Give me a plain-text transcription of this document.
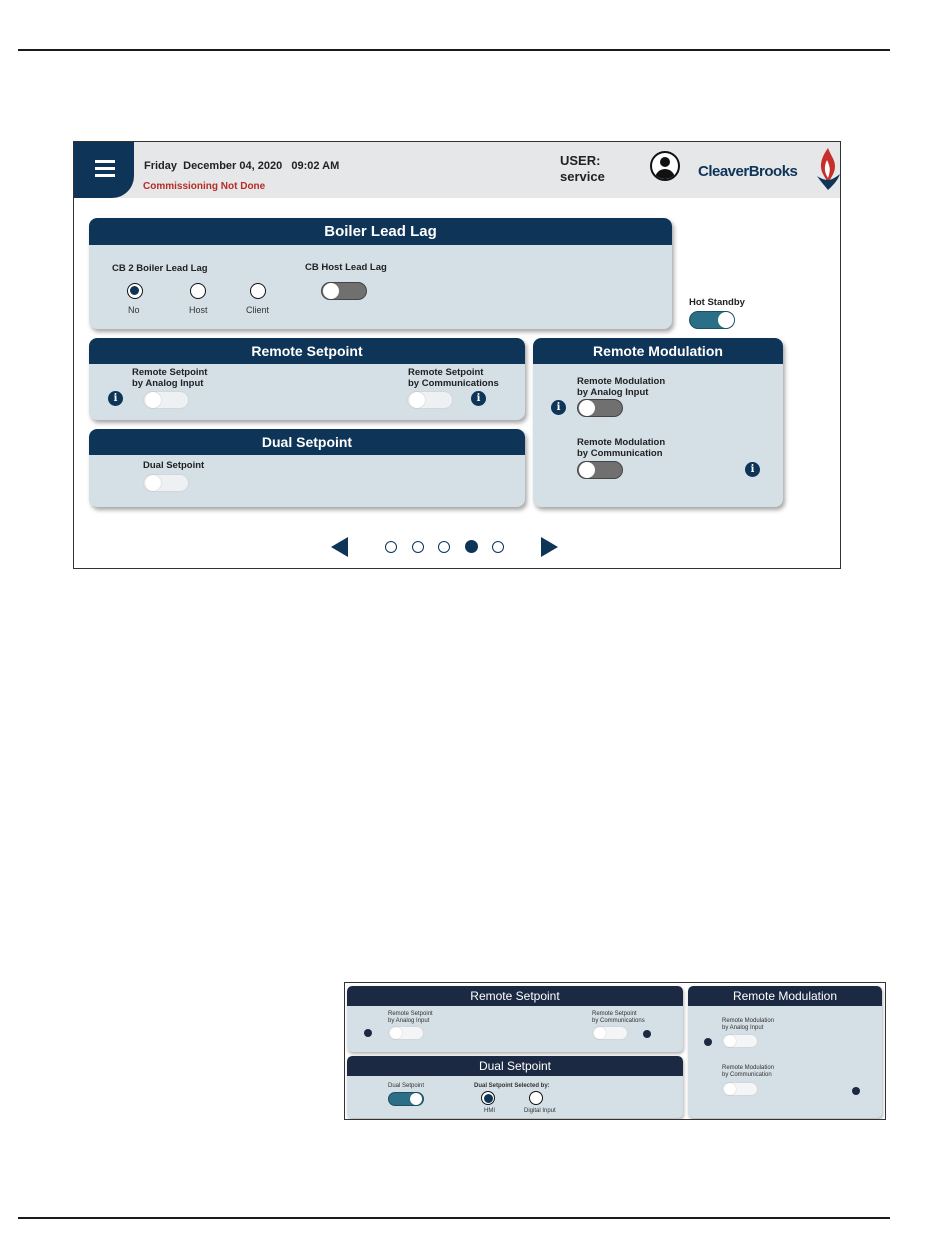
Friday  December 04, 2020   09:02 AM
Commissioning Not Done
USER:
service	CleaverBrooks
Boiler Lead Lag
CB 2 Boiler Lead Lag
No	Host	Client
CB Host Lead Lag
Hot Standby
Remote Setpoint
Remote Setpoint
by Analog Input
i
Remote Setpoint
by Communications
i
Dual Setpoint
Dual Setpoint
Remote Modulation
Remote Modulation
by Analog Input
i
Remote Modulation
by Communication
i
Remote Setpoint
Remote Setpoint
by Analog Input
Remote Setpoint
by Communications
Dual Setpoint
Dual Setpoint	Dual Setpoint Selected by:
HMI	Digital Input
Remote Modulation
Remote Modulation
by Analog Input
Remote Modulation
by Communication
